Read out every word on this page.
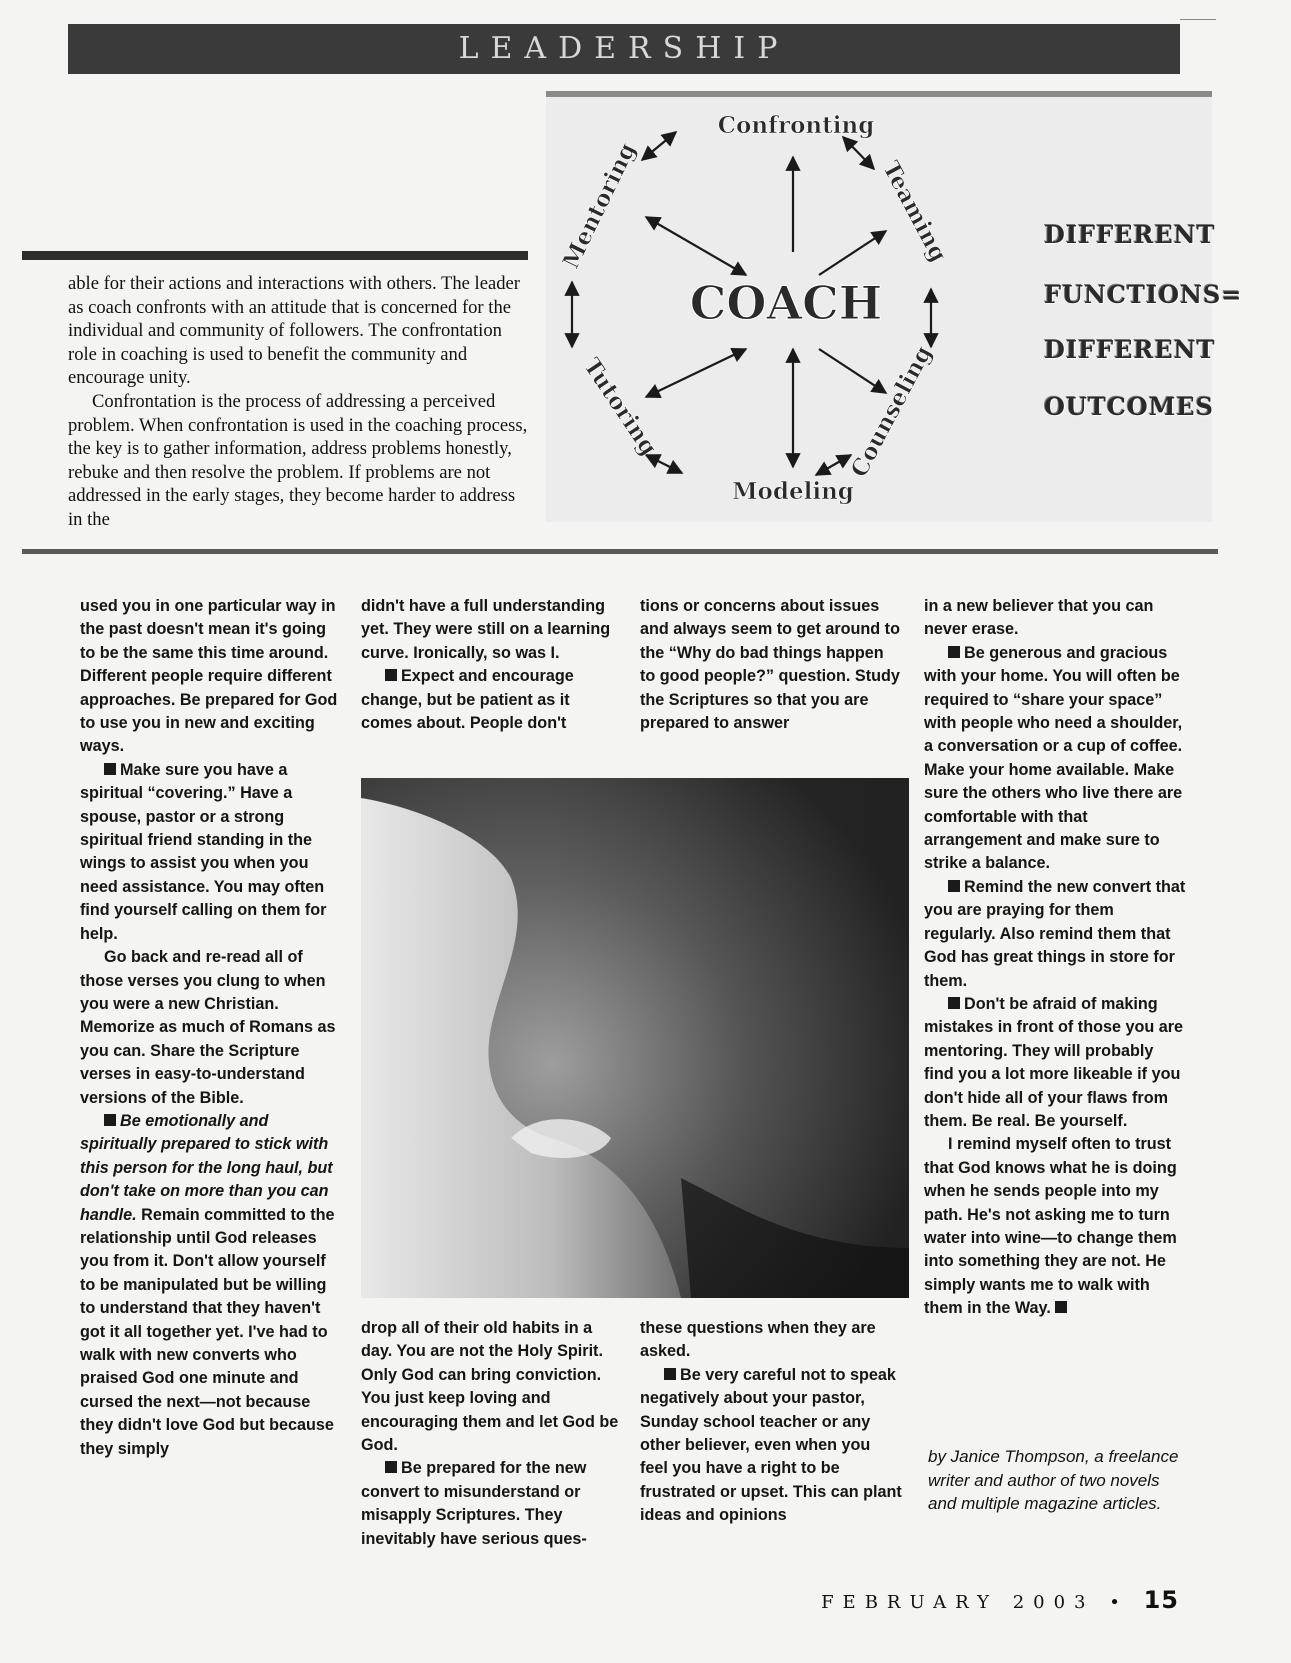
LEADERSHIP

able for their actions and interactions with others. The leader as coach confronts with an attitude that is concerned for the individual and community of followers. The confrontation role in coaching is used to benefit the community and encourage unity.

Confrontation is the process of addressing a perceived problem. When confrontation is used in the coaching process, the key is to gather information, address problems honestly, rebuke and then resolve the problem. If problems are not addressed in the early stages, they become harder to address in the

Confronting
Teaming
Counseling
Modeling
Tutoring
Mentoring
COACH
DIFFERENT
FUNCTIONS=
DIFFERENT
OUTCOMES

used you in one particular way in the past doesn't mean it's going to be the same this time around. Different people require different approaches. Be prepared for God to use you in new and exciting ways.

Make sure you have a spiritual “covering.” Have a spouse, pastor or a strong spiritual friend standing in the wings to assist you when you need assistance. You may often find yourself calling on them for help.

Go back and re-read all of those verses you clung to when you were a new Christian. Memorize as much of Romans as you can. Share the Scripture verses in easy-to-understand versions of the Bible.

Be emotionally and spiritually prepared to stick with this person for the long haul, but don't take on more than you can handle. Remain committed to the relationship until God releases you from it. Don't allow yourself to be manipulated but be willing to understand that they haven't got it all together yet. I've had to walk with new converts who praised God one minute and cursed the next—not because they didn't love God but because they simply

didn't have a full understanding yet. They were still on a learning curve. Ironically, so was I.

Expect and encourage change, but be patient as it comes about. People don't

tions or concerns about issues and always seem to get around to the “Why do bad things happen to good people?” question. Study the Scriptures so that you are prepared to answer

drop all of their old habits in a day. You are not the Holy Spirit. Only God can bring conviction. You just keep loving and encouraging them and let God be God.

Be prepared for the new convert to misunderstand or misapply Scriptures. They inevitably have serious ques-

these questions when they are asked.

Be very careful not to speak negatively about your pastor, Sunday school teacher or any other believer, even when you feel you have a right to be frustrated or upset. This can plant ideas and opinions

in a new believer that you can never erase.

Be generous and gracious with your home. You will often be required to “share your space” with people who need a shoulder, a conversation or a cup of coffee. Make your home available. Make sure the others who live there are comfortable with that arrangement and make sure to strike a balance.

Remind the new convert that you are praying for them regularly. Also remind them that God has great things in store for them.

Don't be afraid of making mistakes in front of those you are mentoring. They will probably find you a lot more likeable if you don't hide all of your flaws from them. Be real. Be yourself.

I remind myself often to trust that God knows what he is doing when he sends people into my path. He's not asking me to turn water into wine—to change them into something they are not. He simply wants me to walk with them in the Way.

by Janice Thompson, a freelance writer and author of two novels and multiple magazine articles.
FEBRUARY 2003 • 15
